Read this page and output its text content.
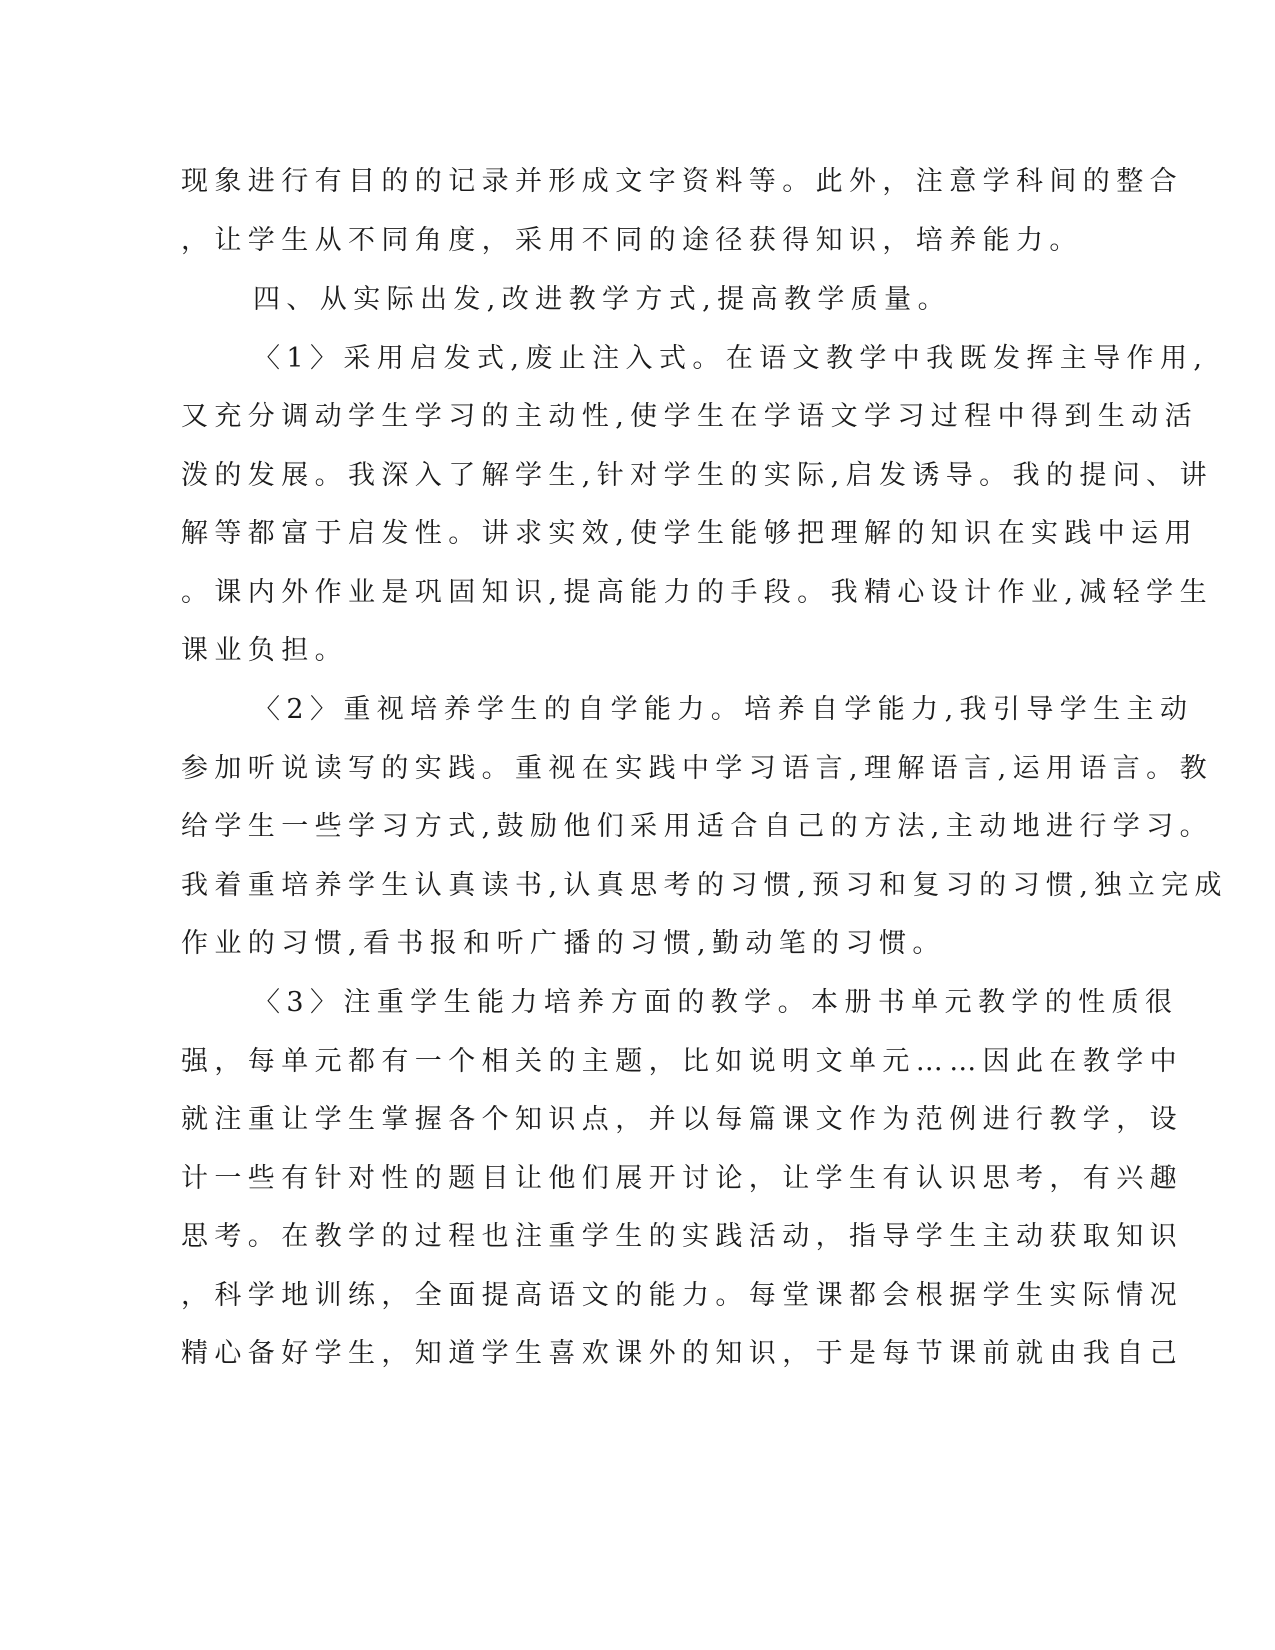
现象进行有目的的记录并形成文字资料等。此外，注意学科间的整合
，让学生从不同角度，采用不同的途径获得知识，培养能力。
四、从实际出发,改进教学方式,提高教学质量。
〈1〉采用启发式,废止注入式。在语文教学中我既发挥主导作用,
又充分调动学生学习的主动性,使学生在学语文学习过程中得到生动活
泼的发展。我深入了解学生,针对学生的实际,启发诱导。我的提问、讲
解等都富于启发性。讲求实效,使学生能够把理解的知识在实践中运用
。课内外作业是巩固知识,提高能力的手段。我精心设计作业,减轻学生
课业负担。
〈2〉重视培养学生的自学能力。培养自学能力,我引导学生主动
参加听说读写的实践。重视在实践中学习语言,理解语言,运用语言。教
给学生一些学习方式,鼓励他们采用适合自己的方法,主动地进行学习。
我着重培养学生认真读书,认真思考的习惯,预习和复习的习惯,独立完成
作业的习惯,看书报和听广播的习惯,勤动笔的习惯。
〈3〉注重学生能力培养方面的教学。本册书单元教学的性质很
强，每单元都有一个相关的主题，比如说明文单元……因此在教学中
就注重让学生掌握各个知识点，并以每篇课文作为范例进行教学，设
计一些有针对性的题目让他们展开讨论，让学生有认识思考，有兴趣
思考。在教学的过程也注重学生的实践活动，指导学生主动获取知识
，科学地训练，全面提高语文的能力。每堂课都会根据学生实际情况
精心备好学生，知道学生喜欢课外的知识，于是每节课前就由我自己
